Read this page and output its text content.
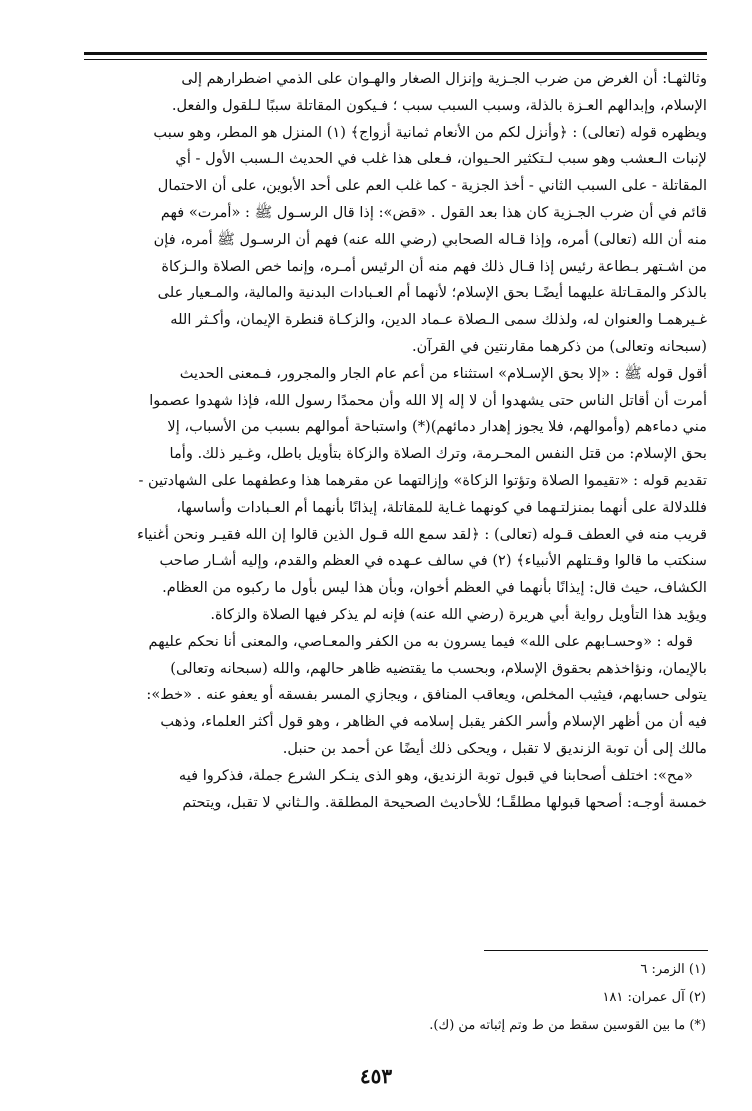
وثالثهـا: أن الغرض من ضرب الجـزية وإنزال الصغار والهـوان على الذمي اضطرارهم إلى

الإسلام، وإبدالهم العـزة بالذلة، وسبب السبب سبب ؛ فـيكون المقاتلة سببًا لـلقول والفعل.

ويظهره قوله (تعالى) : ﴿وأنزل لكم من الأنعام ثمانية أزواج﴾ (١) المنزل هو المطر، وهو سبب

لإنبات الـعشب وهو سبب لـتكثير الحـيوان، فـعلى هذا غلب في الحديث الـسبب الأول - أي

المقاتلة - على السبب الثاني - أخذ الجزية - كما غلب العم على أحد الأبوين، على أن الاحتمال

قائم في أن ضرب الجـزية كان هذا بعد القول . «قض»: إذا قال الرسـول ﷺ : «أمرت» فهم

منه أن الله (تعالى) أمره، وإذا قـاله الصحابي (رضي الله عنه) فهم أن الرسـول ﷺ أمره، فإن

من اشـتهر بـطاعة رئيس إذا قـال ذلك فهم منه أن الرئيس أمـره، وإنما خص الصلاة والـزكاة

بالذكر والمقـاتلة عليهما أيضًـا بحق الإسلام؛ لأنهما أم العـبادات البدنية والمالية، والمـعيار على

غـيرهمـا والعنوان له، ولذلك سمى الـصلاة عـماد الدين، والزكـاة قنطرة الإيمان، وأكـثر الله

(سبحانه وتعالى) من ذكرهما مقارنتين في القرآن.

أقول قوله ﷺ : «إلا بحق الإسـلام» استثناء من أعم عام الجار والمجرور، فـمعنى الحديث

أمرت أن أقاتل الناس حتى يشهدوا أن لا إله إلا الله وأن محمدًا رسول الله، فإذا شهدوا عصموا

مني دماءهم (وأموالهم، فلا يجوز إهدار دمائهم)(*) واستباحة أموالهم بسبب من الأسباب، إلا

بحق الإسلام: من قتل النفس المحـرمة، وترك الصلاة والزكاة بتأويل باطل، وغـير ذلك. وأما

تقديم قوله : «تقيموا الصلاة وتؤتوا الزكاة» وإزالتهما عن مقرهما هذا وعطفهما على الشهادتين -

فللدلالة على أنهما بمنزلتـهما في كونهما غـاية للمقاتلة، إيذانًا بأنهما أم العـبادات وأساسها،

قريب منه في العطف قـوله (تعالى) : ﴿لقد سمع الله قـول الذين قالوا إن الله فقيـر ونحن أغنياء

سنكتب ما قالوا وقـتلهم الأنبياء﴾ (٢) في سالف عـهده في العظم والقدم، وإليه أشـار صاحب

الكشاف، حيث قال: إيذانًا بأنهما في العظم أخوان، وبأن هذا ليس بأول ما ركبوه من العظام.

ويؤيد هذا التأويل رواية أبي هريرة (رضي الله عنه) فإنه لم يذكر فيها الصلاة والزكاة.

قوله : «وحسـابهم على الله» فيما يسرون به من الكفر والمعـاصي، والمعنى أنا نحكم عليهم

بالإيمان، ونؤاخذهم بحقوق الإسلام، وبحسب ما يقتضيه ظاهر حالهم، والله (سبحانه وتعالى)

يتولى حسابهم، فيثيب المخلص، ويعاقب المنافق ، ويجازي المسر بفسقه أو يعفو عنه . «خط»:

فيه أن من أظهر الإسلام وأسر الكفر يقبل إسلامه في الظاهر ، وهو قول أكثر العلماء، وذهب

مالك إلى أن توبة الزنديق لا تقبل ، ويحكى ذلك أيضًا عن أحمد بن حنبل.

«مح»: اختلف أصحابنا في قبول توبة الزنديق، وهو الذى ينـكر الشرع جملة، فذكروا فيه

خمسة أوجـه: أصحها قبولها مطلقًـا؛ للأحاديث الصحيحة المطلقة. والـثاني لا تقبل، ويتحتم

(١) الزمر: ٦
(٢) آل عمران: ١٨١
(*) ما بين القوسين سقط من ط وتم إثباته من (ك).
٤٥٣
